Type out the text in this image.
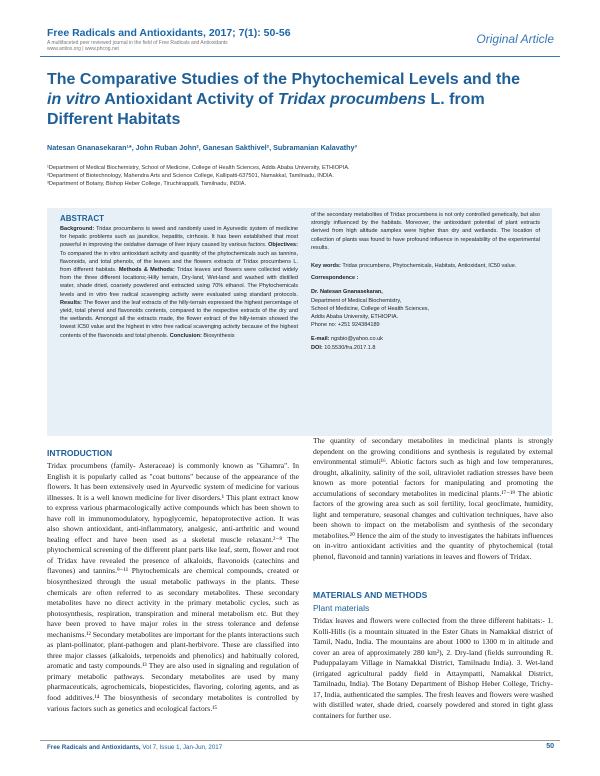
Free Radicals and Antioxidants, 2017; 7(1): 50-56
A multifaceted peer reviewed journal in the field of Free Radicals and Antioxidants
www.antiox.org | www.phcog.net
Original Article
The Comparative Studies of the Phytochemical Levels and the
in vitro Antioxidant Activity of Tridax procumbens L. from Different Habitats
Natesan Gnanasekaran¹*, John Ruban John², Ganesan Sakthivel², Subramanian Kalavathy³
¹Department of Medical Biochemistry, School of Medicine, College of Health Sciences, Addis Ababa University, ETHIOPIA.
²Department of Biotechnology, Mahendra Arts and Science College, Kallipatti-637501, Namakkal, Tamilnadu, INDIA.
³Department of Botany, Bishop Heber College, Tiruchirappalli, Tamilnadu, INDIA.
ABSTRACT
Background: Tridax procumbens is weed and randomly used in Ayurvedic system of medicine for hepatic problems such as jaundice, hepatitis, cirrhosis. It has been established that most powerful in improving the oxidative damage of liver injury caused by various factors. Objectives: To compared the in vitro antioxidant activity and quantity of the phytochemicals such as tannins, flavonoids, and total phenols, of the leaves and the flowers extracts of Tridax procumbens L. from different habitats. Methods & Methods: Tridax leaves and flowers were collected widely from the three different locations;-Hilly terrain, Dry-land, Wet-land and washed with distilled water, shade dried, coarsely powdered and extracted using 70% ethanol. The Phytochemicals levels and in vitro free radical scavenging activity were evaluated using standard protocols. Results: The flower and the leaf extracts of the hilly-terrain expressed the highest percentage of yield, total phenol and flavonoids contents, compared to the respective extracts of the dry and the wetlands. Amongst all the extracts made, the flower extract of the hilly-terrain showed the lowest IC50 value and the highest in vitro free radical scavenging activity because of the highest contents of the flavonoids and total phenols. Conclusion: Biosynthesis
of the secondary metabolites of Tridax procumbens is not only controlled genetically, but also strongly influenced by the habitats. Moreover, the antioxidant potential of plant extracts derived from high altitude samples were higher than dry and wetlands. The location of collection of plants was found to have profound influence in repeatability of the experimental results.
Key words: Tridax procumbens, Phytochemicals, Habitats, Antioxidant, IC50 value.
Correspondence :
Dr. Natesan Gnanasekaran,
Department of Medical Biochemistry,
School of Medicine, College of Health Sciences,
Addis Ababa University, ETHIOPIA.
Phone no: +251 924384189
E-mail: ngsbio@yahoo.co.uk
DOI: 10.5530/fra.2017.1.8
INTRODUCTION
Tridax procumbens (family- Asteraceae) is commonly known as "Ghamra". In English it is popularly called as "coat buttons" because of the appearance of the flowers. It has been extensively used in Ayurvedic system of medicine for various illnesses. It is a well known medicine for liver disorders.¹ This plant extract know to express various pharmacologically active compounds which has been shown to have roll in immunomodulatory, hypoglycemic, hepatoprotective action. It was also shown antioxidant, anti-inflammatory, analgesic, anti-arthritic and wound healing effect and have been used as a skeletal muscle relaxant.²⁻⁸ The phytochemical screening of the different plant parts like leaf, stem, flower and root of Tridax have revealed the presence of alkaloids, flavonoids (catechins and flavones) and tannins.⁹⁻¹¹ Phytochemicals are chemical compounds, created or biosynthesized through the usual metabolic pathways in the plants. These chemicals are often referred to as secondary metabolites. These secondary metabolites have no direct activity in the primary metabolic cycles, such as photosynthesis, respiration, transpiration and mineral metabolism etc. But they have been proved to have major roles in the stress tolerance and defense mechanisms.¹² Secondary metabolites are important for the plants interactions such as plant-pollinator, plant-pathogen and plant-herbivore. These are classified into three major classes (alkaloids, terpenoids and phenolics) and habitually colored, aromatic and tasty compounds.¹³ They are also used in signaling and regulation of primary metabolic pathways. Secondary metabolites are used by many pharmaceuticals, agrochemicals, biopesticides, flavoring, coloring agents, and as food additives.¹⁴ The biosynthesis of secondary metabolites is controlled by various factors such as genetics and ecological factors.¹⁵
The quantity of secondary metabolites in medicinal plants is strongly dependent on the growing conditions and synthesis is regulated by external environmental stimuli¹⁶. Abiotic factors such as high and low temperatures, drought, alkalinity, salinity of the soil, ultraviolet radiation stresses have been known as more potential factors for manipulating and promoting the accumulations of secondary metabolites in medicinal plants.¹⁷⁻¹⁹ The abiotic factors of the growing area such as soil fertility, local geoclimate, humidity, light and temperature, seasonal changes and cultivation techniques, have also been shown to impact on the metabolism and synthesis of the secondary metabolites.²⁰ Hence the aim of the study to investigates the habitats influences on in-vitro antioxidant activities and the quantity of phytochemical (total phenol, flavonoid and tannin) variations in leaves and flowers of Tridax.
MATERIALS AND METHODS
Plant materials
Tridax leaves and flowers were collected from the three different habitats:- 1. Kolli-Hills (is a mountain situated in the Ester Ghats in Namakkal district of Tamil, Nadu, India. The mountains are about 1000 to 1300 m in altitude and cover an area of approximately 280 km²), 2. Dry-land (fields surrounding R. Puduppalayam Village in Namakkal District, Tamilnadu India). 3. Wet-land (irrigated agricultural paddy field in Attaympatti, Namakkal District, Tamilnadu, India). The Botany Department of Bishop Heber College, Trichy-17, India, authenticated the samples. The fresh leaves and flowers were washed with distilled water, shade dried, coarsely powdered and stored in tight glass containers for further use.
Free Radicals and Antioxidants, Vol 7, Issue 1, Jan-Jun, 2017	50
